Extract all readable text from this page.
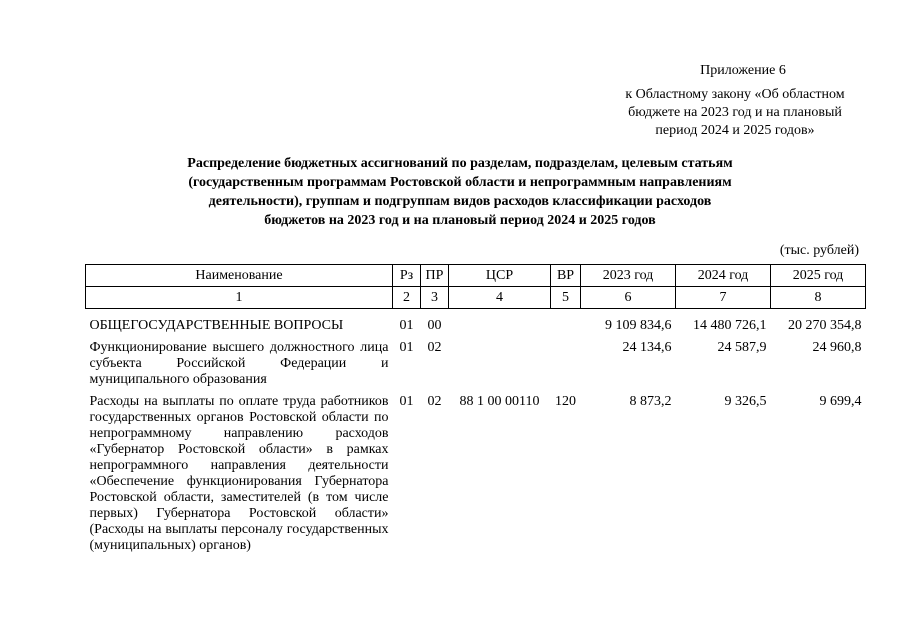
Приложение 6
к Областному закону «Об областном
бюджете на 2023 год и на плановый
период 2024 и 2025 годов»
Распределение бюджетных ассигнований по разделам, подразделам, целевым статьям
(государственным программам Ростовской области и непрограммным направлениям
деятельности), группам и подгруппам видов расходов классификации расходов
бюджетов на 2023 год и на плановый период 2024 и 2025 годов
(тыс. рублей)
Наименование	Рз	ПР	ЦСР	ВР	2023 год	2024 год	2025 год
1	2	3	4	5	6	7	8
ОБЩЕГОСУДАРСТВЕННЫЕ ВОПРОСЫ	01	00			9 109 834,6	14 480 726,1	20 270 354,8
Функционирование высшего должностного лица субъекта Российской Федерации и муниципального образования	01	02			24 134,6	24 587,9	24 960,8
Расходы на выплаты по оплате труда работников государственных органов Ростовской области по непрограммному направлению расходов «Губернатор Ростовской области» в рамках непрограммного направления деятельности «Обеспечение функционирования Губернатора Ростовской области, заместителей (в том числе первых) Губернатора Ростовской области» (Расходы на выплаты персоналу государственных (муниципальных) органов)	01	02	88 1 00 00110	120	8 873,2	9 326,5	9 699,4
